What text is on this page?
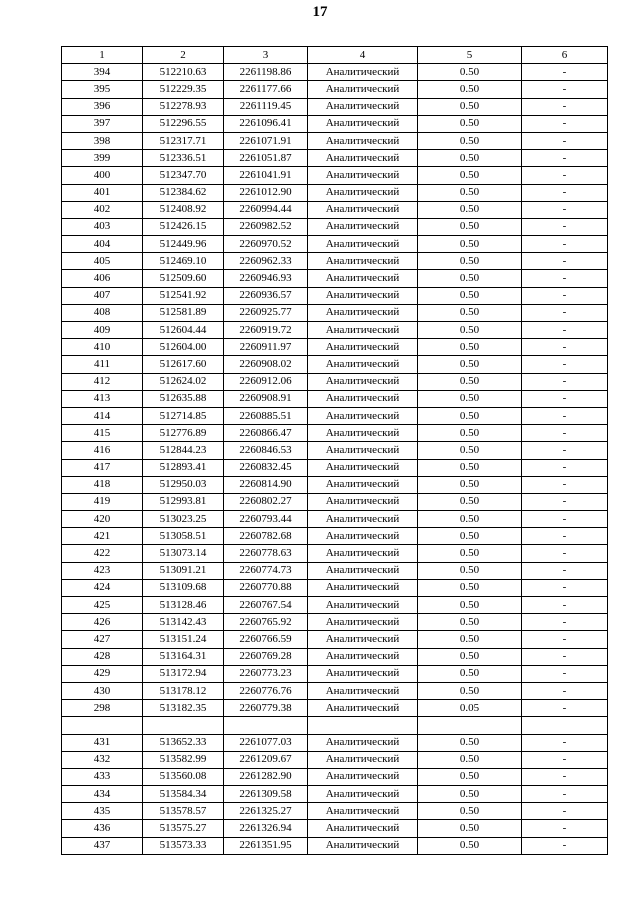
17
1	2	3	4	5	6
394	512210.63	2261198.86	Аналитический	0.50	-
395	512229.35	2261177.66	Аналитический	0.50	-
396	512278.93	2261119.45	Аналитический	0.50	-
397	512296.55	2261096.41	Аналитический	0.50	-
398	512317.71	2261071.91	Аналитический	0.50	-
399	512336.51	2261051.87	Аналитический	0.50	-
400	512347.70	2261041.91	Аналитический	0.50	-
401	512384.62	2261012.90	Аналитический	0.50	-
402	512408.92	2260994.44	Аналитический	0.50	-
403	512426.15	2260982.52	Аналитический	0.50	-
404	512449.96	2260970.52	Аналитический	0.50	-
405	512469.10	2260962.33	Аналитический	0.50	-
406	512509.60	2260946.93	Аналитический	0.50	-
407	512541.92	2260936.57	Аналитический	0.50	-
408	512581.89	2260925.77	Аналитический	0.50	-
409	512604.44	2260919.72	Аналитический	0.50	-
410	512604.00	2260911.97	Аналитический	0.50	-
411	512617.60	2260908.02	Аналитический	0.50	-
412	512624.02	2260912.06	Аналитический	0.50	-
413	512635.88	2260908.91	Аналитический	0.50	-
414	512714.85	2260885.51	Аналитический	0.50	-
415	512776.89	2260866.47	Аналитический	0.50	-
416	512844.23	2260846.53	Аналитический	0.50	-
417	512893.41	2260832.45	Аналитический	0.50	-
418	512950.03	2260814.90	Аналитический	0.50	-
419	512993.81	2260802.27	Аналитический	0.50	-
420	513023.25	2260793.44	Аналитический	0.50	-
421	513058.51	2260782.68	Аналитический	0.50	-
422	513073.14	2260778.63	Аналитический	0.50	-
423	513091.21	2260774.73	Аналитический	0.50	-
424	513109.68	2260770.88	Аналитический	0.50	-
425	513128.46	2260767.54	Аналитический	0.50	-
426	513142.43	2260765.92	Аналитический	0.50	-
427	513151.24	2260766.59	Аналитический	0.50	-
428	513164.31	2260769.28	Аналитический	0.50	-
429	513172.94	2260773.23	Аналитический	0.50	-
430	513178.12	2260776.76	Аналитический	0.50	-
298	513182.35	2260779.38	Аналитический	0.05	-

431	513652.33	2261077.03	Аналитический	0.50	-
432	513582.99	2261209.67	Аналитический	0.50	-
433	513560.08	2261282.90	Аналитический	0.50	-
434	513584.34	2261309.58	Аналитический	0.50	-
435	513578.57	2261325.27	Аналитический	0.50	-
436	513575.27	2261326.94	Аналитический	0.50	-
437	513573.33	2261351.95	Аналитический	0.50	-
